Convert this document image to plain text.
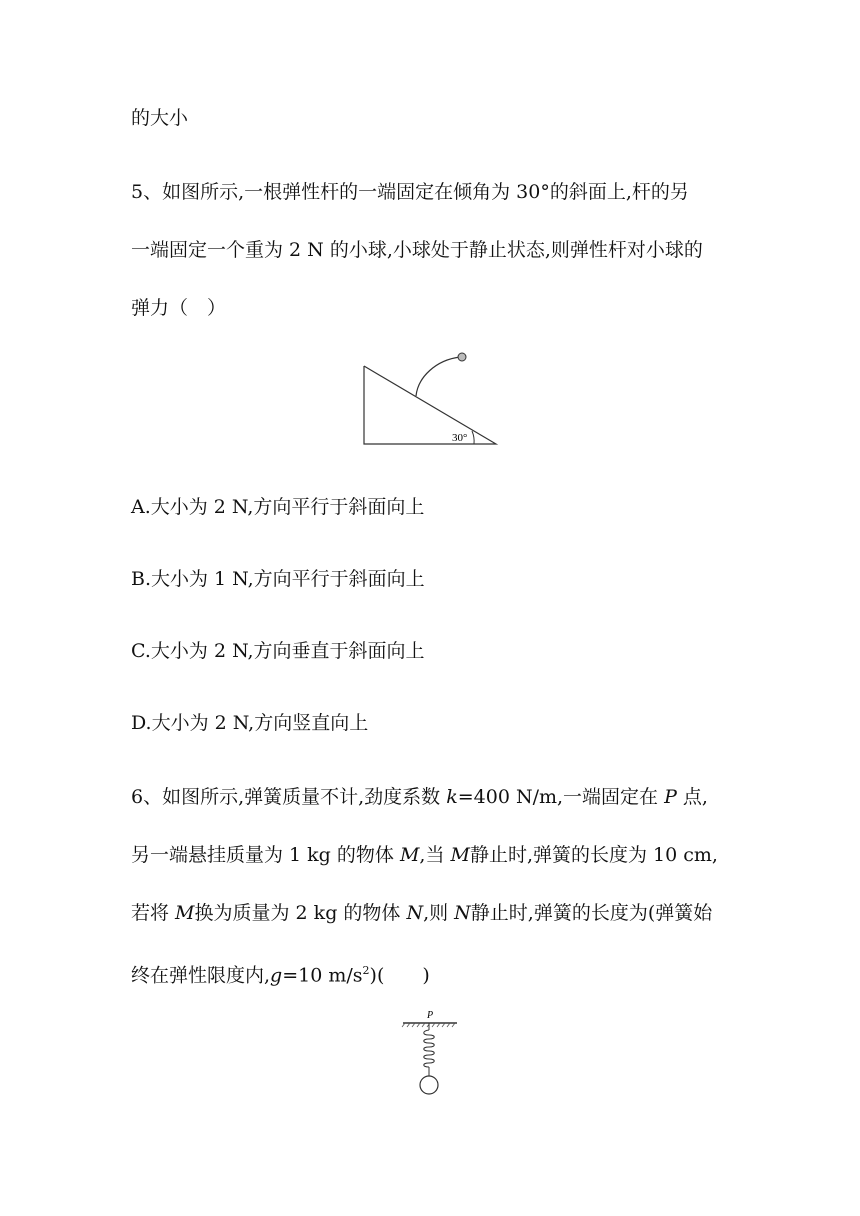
的大小
5、如图所示,一根弹性杆的一端固定在倾角为 30°的斜面上,杆的另
一端固定一个重为 2 N 的小球,小球处于静止状态,则弹性杆对小球的
弹力（　）
30°
A.大小为 2 N,方向平行于斜面向上
B.大小为 1 N,方向平行于斜面向上
C.大小为 2 N,方向垂直于斜面向上
D.大小为 2 N,方向竖直向上
6、如图所示,弹簧质量不计,劲度系数 k=400 N/m,一端固定在 P 点,
另一端悬挂质量为 1 kg 的物体 M,当 M静止时,弹簧的长度为 10 cm,
若将 M换为质量为 2 kg 的物体 N,则 N静止时,弹簧的长度为(弹簧始
终在弹性限度内,g=10 $m/s^2$)(　　)
P
